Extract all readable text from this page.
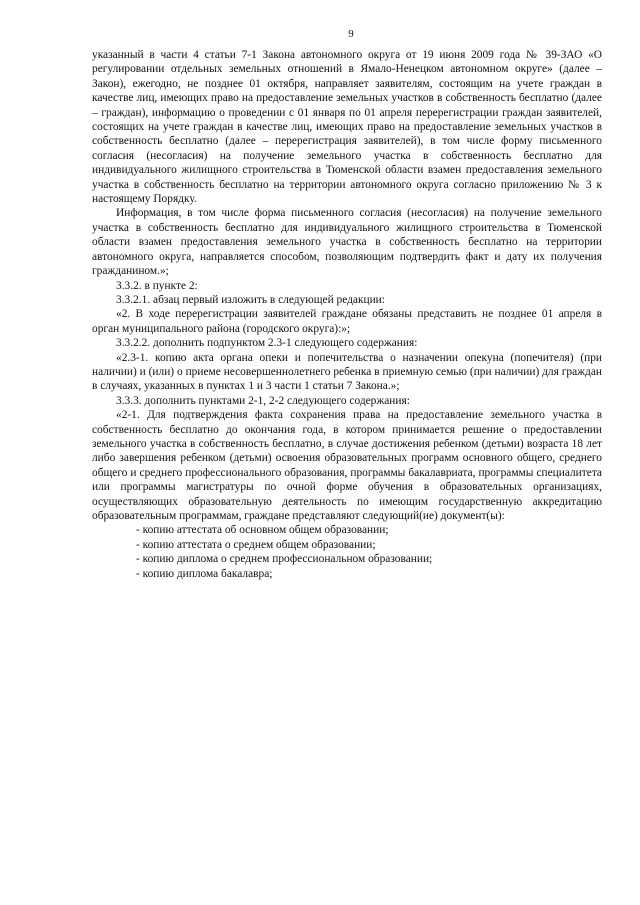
9

указанный в части 4 статьи 7-1 Закона автономного округа от 19 июня 2009 года № 39-ЗАО «О регулировании отдельных земельных отношений в Ямало-Ненецком автономном округе» (далее – Закон), ежегодно, не позднее 01 октября, направляет заявителям, состоящим на учете граждан в качестве лиц, имеющих право на предоставление земельных участков в собственность бесплатно (далее – граждан), информацию о проведении с 01 января по 01 апреля перерегистрации граждан заявителей, состоящих на учете граждан в качестве лиц, имеющих право на предоставление земельных участков в собственность бесплатно (далее – перерегистрация заявителей), в том числе форму письменного согласия (несогласия) на получение земельного участка в собственность бесплатно для индивидуального жилищного строительства в Тюменской области взамен предоставления земельного участка в собственность бесплатно на территории автономного округа согласно приложению № 3 к настоящему Порядку.

Информация, в том числе форма письменного согласия (несогласия) на получение земельного участка в собственность бесплатно для индивидуального жилищного строительства в Тюменской области взамен предоставления земельного участка в собственность бесплатно на территории автономного округа, направляется способом, позволяющим подтвердить факт и дату их получения гражданином.»;

3.3.2. в пункте 2:

3.3.2.1. абзац первый изложить в следующей редакции:

«2. В ходе перерегистрации заявителей граждане обязаны представить не позднее 01 апреля в орган муниципального района (городского округа):»;

3.3.2.2. дополнить подпунктом 2.3-1 следующего содержания:

«2.3-1. копию акта органа опеки и попечительства о назначении опекуна (попечителя) (при наличии) и (или) о приеме несовершеннолетнего ребенка в приемную семью (при наличии) для граждан в случаях, указанных в пунктах 1 и 3 части 1 статьи 7 Закона.»;

3.3.3. дополнить пунктами 2-1, 2-2 следующего содержания:

«2-1. Для подтверждения факта сохранения права на предоставление земельного участка в собственность бесплатно до окончания года, в котором принимается решение о предоставлении земельного участка в собственность бесплатно, в случае достижения ребенком (детьми) возраста 18 лет либо завершения ребенком (детьми) освоения образовательных программ основного общего, среднего общего и среднего профессионального образования, программы бакалавриата, программы специалитета или программы магистратуры по очной форме обучения в образовательных организациях, осуществляющих образовательную деятельность по имеющим государственную аккредитацию образовательным программам, граждане представляют следующий(ие) документ(ы):

- копию аттестата об основном общем образовании;

- копию аттестата о среднем общем образовании;

- копию диплома о среднем профессиональном образовании;

- копию диплома бакалавра;
